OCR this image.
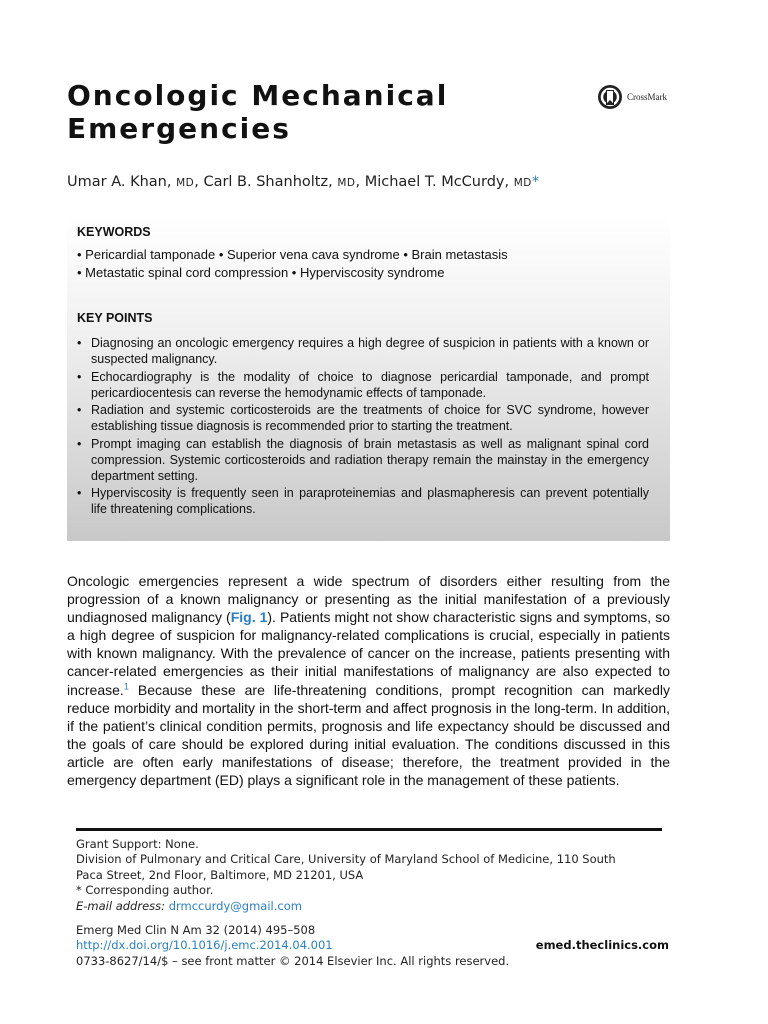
Oncologic Mechanical
Emergencies
CrossMark
Umar A. Khan, MD, Carl B. Shanholtz, MD, Michael T. McCurdy, MD*
KEYWORDS
• Pericardial tamponade • Superior vena cava syndrome • Brain metastasis
• Metastatic spinal cord compression • Hyperviscosity syndrome
KEY POINTS
• Diagnosing an oncologic emergency requires a high degree of suspicion in patients with a known or suspected malignancy.
• Echocardiography is the modality of choice to diagnose pericardial tamponade, and prompt pericardiocentesis can reverse the hemodynamic effects of tamponade.
• Radiation and systemic corticosteroids are the treatments of choice for SVC syndrome, however establishing tissue diagnosis is recommended prior to starting the treatment.
• Prompt imaging can establish the diagnosis of brain metastasis as well as malignant spinal cord compression. Systemic corticosteroids and radiation therapy remain the mainstay in the emergency department setting.
• Hyperviscosity is frequently seen in paraproteinemias and plasmapheresis can prevent potentially life threatening complications.

Oncologic emergencies represent a wide spectrum of disorders either resulting from the progression of a known malignancy or presenting as the initial manifestation of a previously undiagnosed malignancy (Fig. 1). Patients might not show characteristic signs and symptoms, so a high degree of suspicion for malignancy-related complications is crucial, especially in patients with known malignancy. With the prevalence of cancer on the increase, patients presenting with cancer-related emergencies as their initial manifestations of malignancy are also expected to increase.$^1$ Because these are life-threatening conditions, prompt recognition can markedly reduce morbidity and mortality in the short-term and affect prognosis in the long-term. In addition, if the patient’s clinical condition permits, prognosis and life expectancy should be discussed and the goals of care should be explored during initial evaluation. The conditions discussed in this article are often early manifestations of disease; therefore, the treatment provided in the emergency department (ED) plays a significant role in the management of these patients.

Grant Support: None.
Division of Pulmonary and Critical Care, University of Maryland School of Medicine, 110 South
Paca Street, 2nd Floor, Baltimore, MD 21201, USA
* Corresponding author.
E-mail address: drmccurdy@gmail.com
Emerg Med Clin N Am 32 (2014) 495–508
http://dx.doi.org/10.1016/j.emc.2014.04.001
0733-8627/14/$ – see front matter © 2014 Elsevier Inc. All rights reserved.
emed.theclinics.com
